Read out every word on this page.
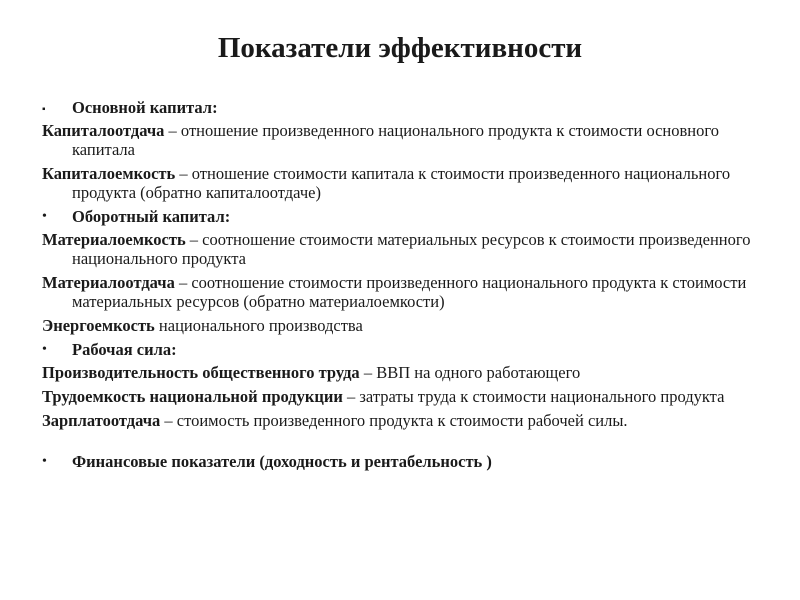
Показатели эффективности

▪	Основной капитал:

Капиталоотдача – отношение произведенного национального продукта к стоимости основного капитала

Капиталоемкость – отношение стоимости капитала к стоимости произведенного национального продукта (обратно капиталоотдаче)

•	Оборотный капитал:

Материалоемкость – соотношение стоимости материальных ресурсов к стоимости произведенного национального продукта

Материалоотдача – соотношение стоимости произведенного национального продукта к стоимости материальных ресурсов (обратно материалоемкости)

Энергоемкость национального производства

•	Рабочая сила:

Производительность общественного труда – ВВП на одного работающего

Трудоемкость национальной продукции – затраты труда к стоимости национального продукта

Зарплатоотдача – стоимость произведенного продукта к стоимости рабочей силы.

•	Финансовые показатели (доходность и рентабельность )
